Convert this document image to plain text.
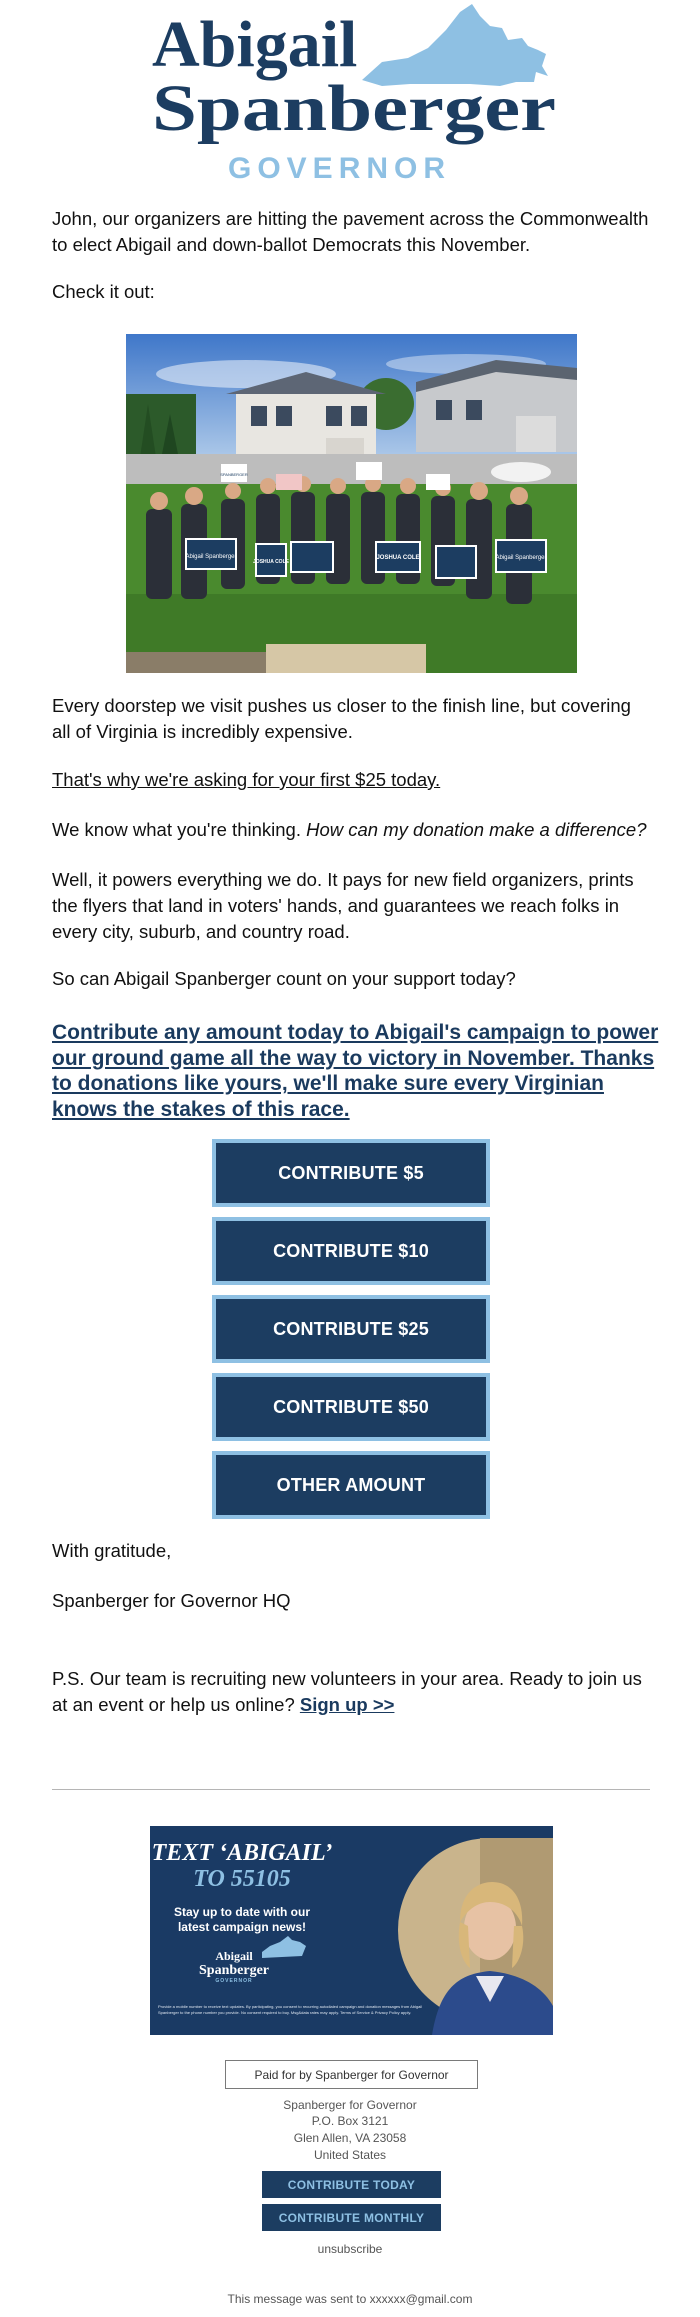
Abigail
Spanberger
GOVERNOR
John, our organizers are hitting the pavement across the Commonwealth to elect Abigail and down-ballot Democrats this November.
Check it out:
Abigail Spanberger
JOSHUA COLE
JOSHUA COLE	Abigail Spanberger
SPANBERGER
Every doorstep we visit pushes us closer to the finish line, but covering all of Virginia is incredibly expensive.
That's why we're asking for your first $25 today.
We know what you're thinking. How can my donation make a difference?
Well, it powers everything we do. It pays for new field organizers, prints the flyers that land in voters' hands, and guarantees we reach folks in every city, suburb, and country road.
So can Abigail Spanberger count on your support today?
Contribute any amount today to Abigail's campaign to power our ground game all the way to victory in November. Thanks to donations like yours, we'll make sure every Virginian knows the stakes of this race.
CONTRIBUTE $5
CONTRIBUTE $10
CONTRIBUTE $25
CONTRIBUTE $50
OTHER AMOUNT
With gratitude,
Spanberger for Governor HQ
P.S. Our team is recruiting new volunteers in your area. Ready to join us at an event or help us online? Sign up >>
TEXT ‘ABIGAIL’
TO 55105
Stay up to date with our
latest campaign news!
Abigail
Spanberger
GOVERNOR
Provide a mobile number to receive text updates. By participating, you consent to recurring autodialed campaign and donation messages from Abigail Spanberger to the phone number you provide. No consent required to buy. Msg&data rates may apply. Terms of Service & Privacy Policy apply.
Paid for by Spanberger for Governor
Spanberger for Governor
P.O. Box 3121
Glen Allen, VA 23058
United States
CONTRIBUTE TODAY
CONTRIBUTE MONTHLY
unsubscribe
This message was sent to xxxxxx@gmail.com
